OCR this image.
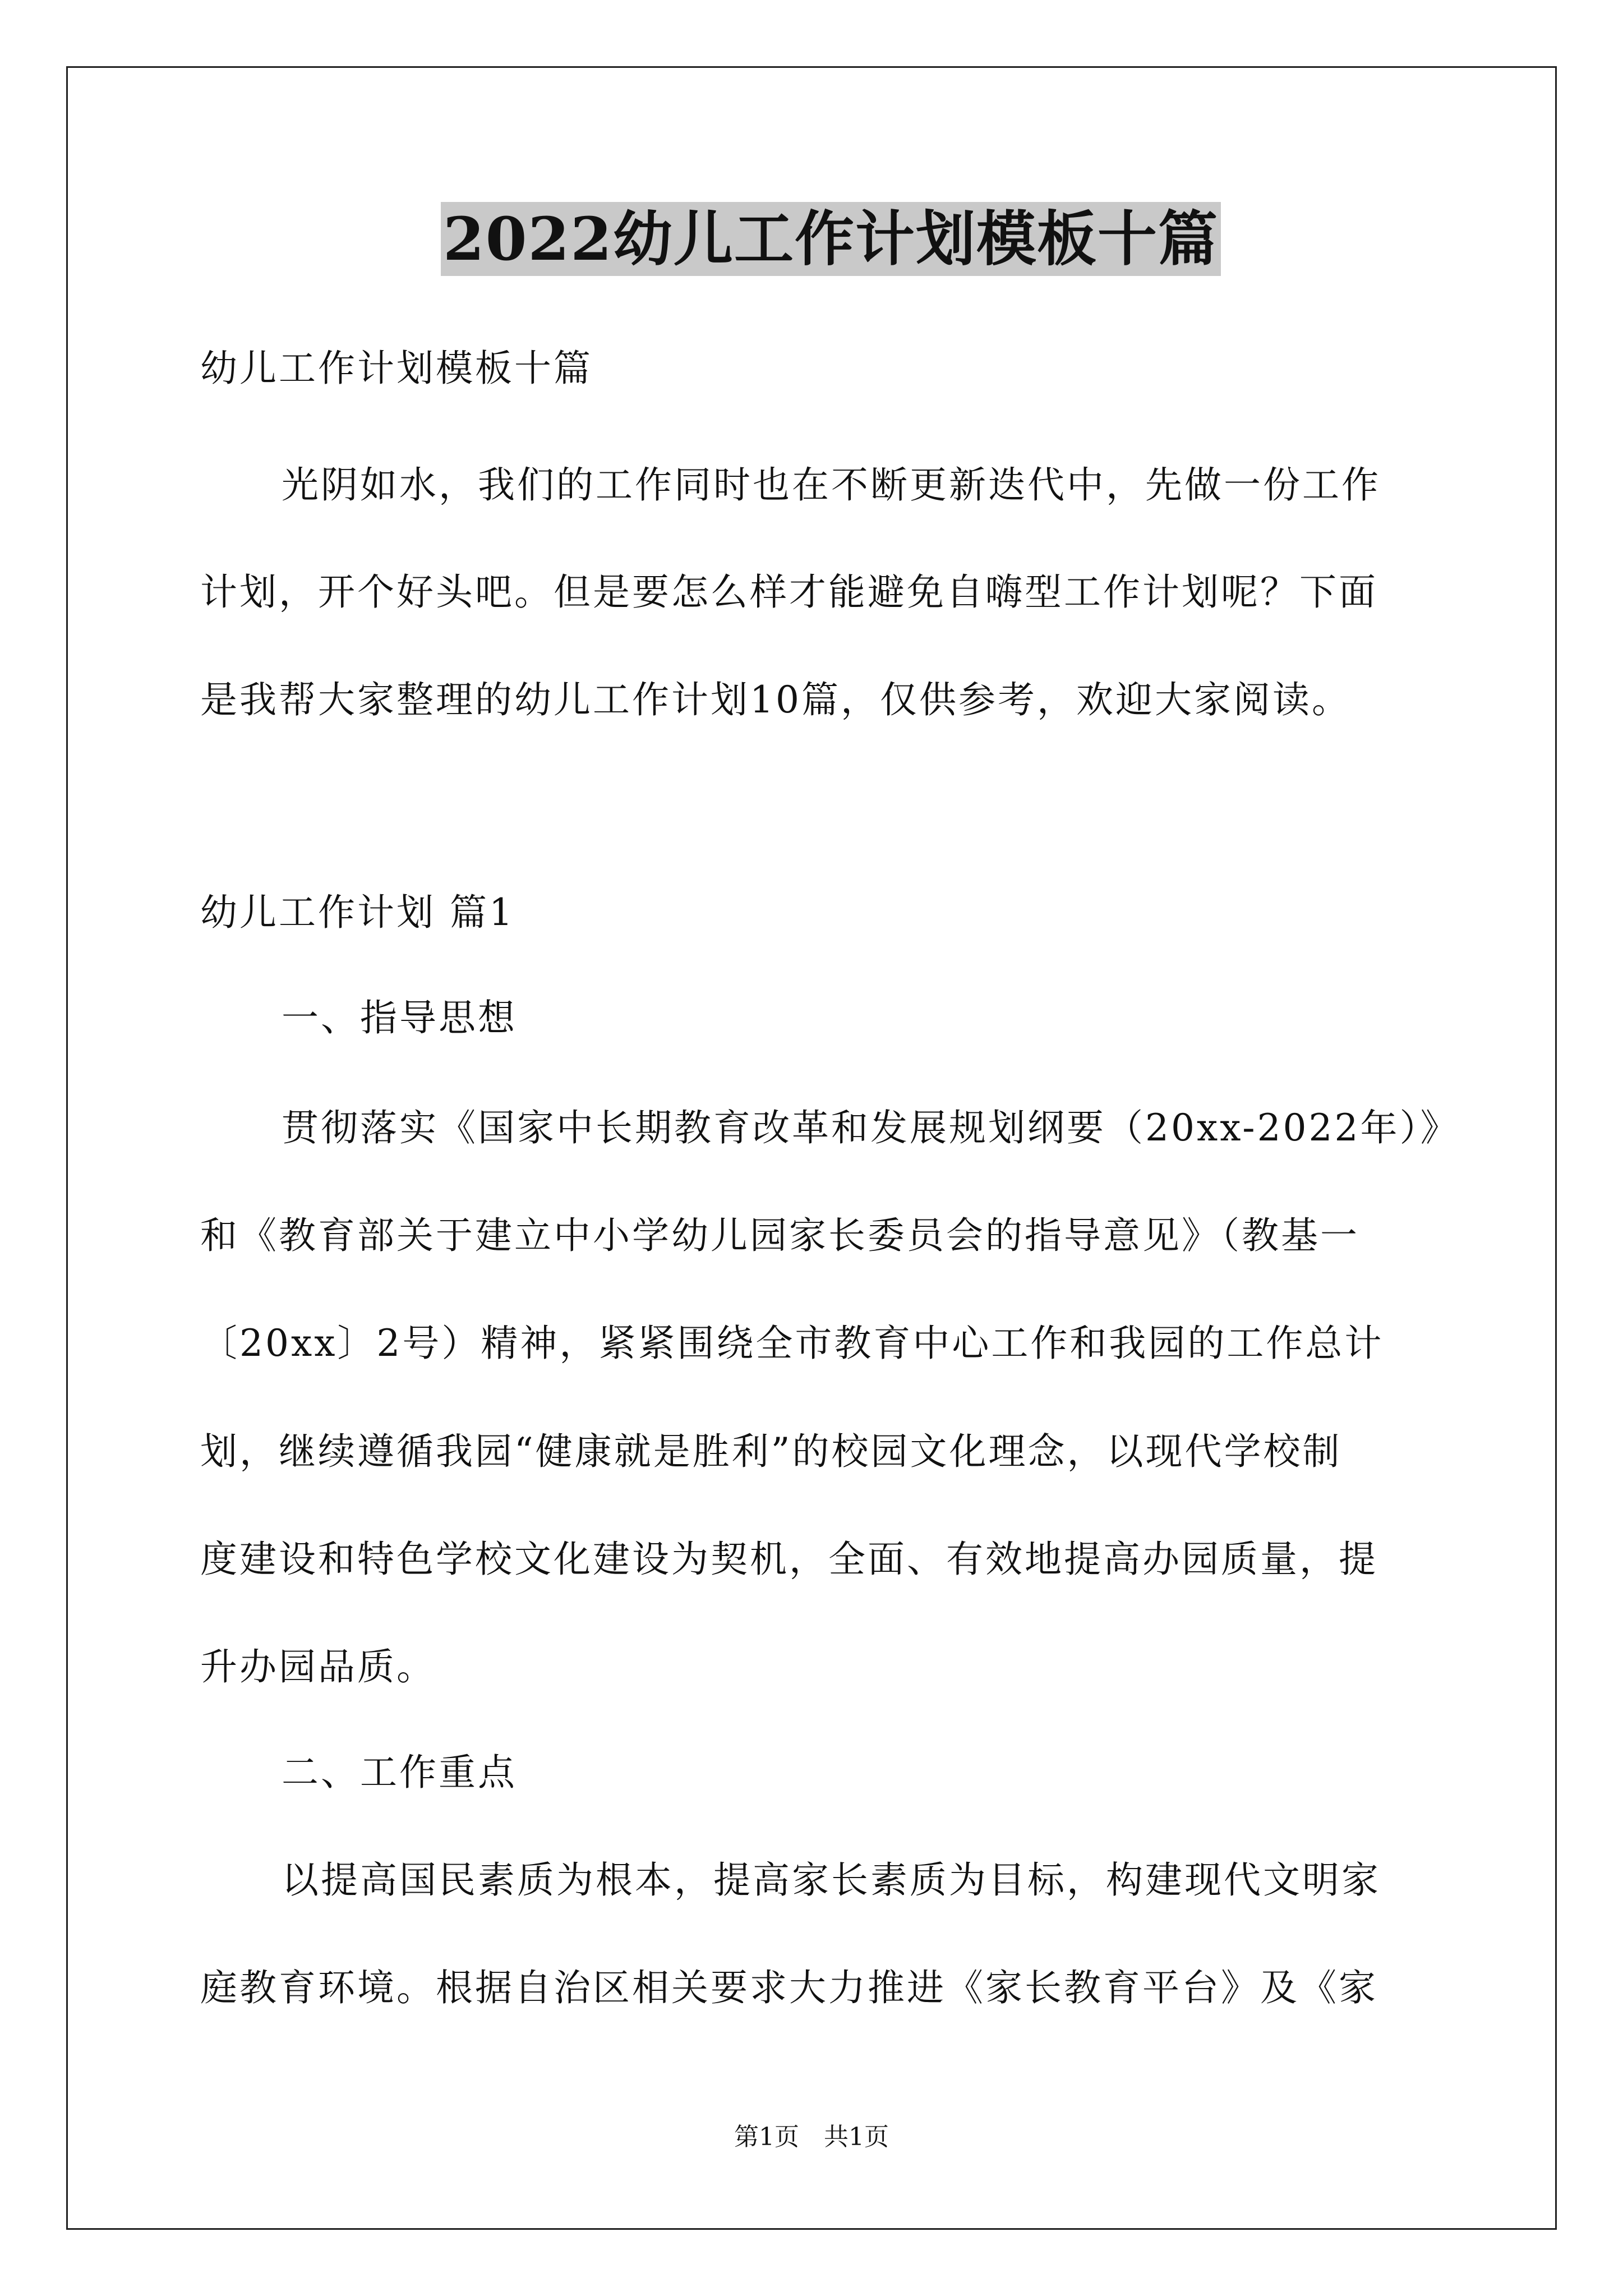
2022幼儿工作计划模板十篇
幼儿工作计划模板十篇
光阴如水，我们的工作同时也在不断更新迭代中，先做一份工作
计划，开个好头吧。但是要怎么样才能避免自嗨型工作计划呢？下面
是我帮大家整理的幼儿工作计划10篇，仅供参考，欢迎大家阅读。
幼儿工作计划 篇1
一、指导思想
贯彻落实《国家中长期教育改革和发展规划纲要（20xx-2022年）》
和《教育部关于建立中小学幼儿园家长委员会的指导意见》（教基一
〔20xx〕2号）精神，紧紧围绕全市教育中心工作和我园的工作总计
划，继续遵循我园“健康就是胜利”的校园文化理念，以现代学校制
度建设和特色学校文化建设为契机，全面、有效地提高办园质量，提
升办园品质。
二、工作重点
以提高国民素质为根本，提高家长素质为目标，构建现代文明家
庭教育环境。根据自治区相关要求大力推进《家长教育平台》及《家
第1页　共1页
